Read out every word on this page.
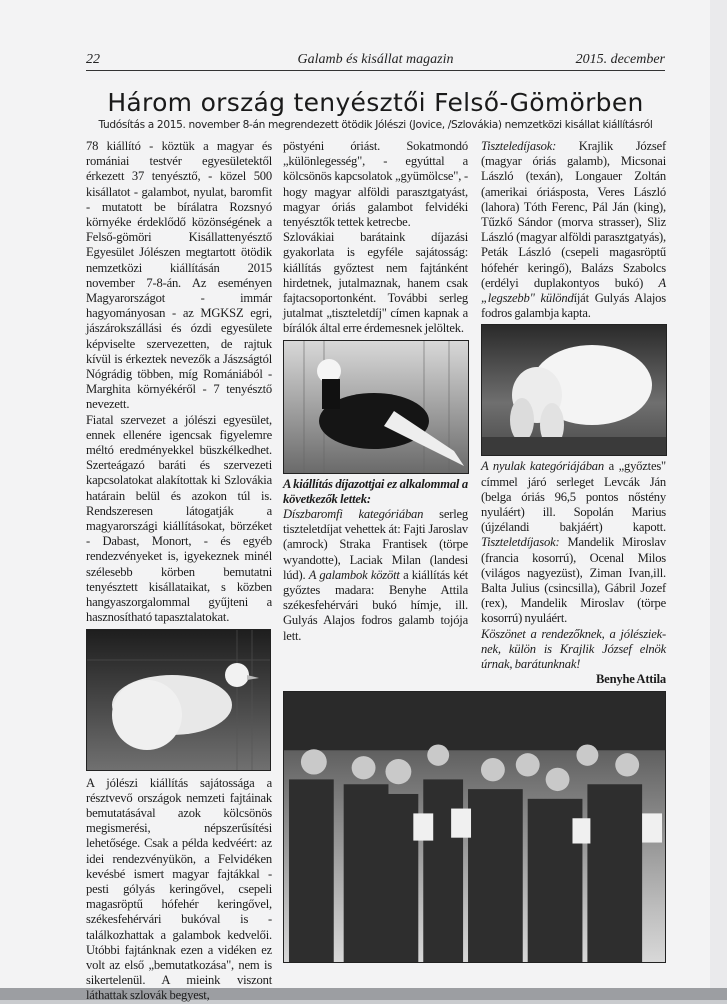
22	Galamb és kisállat magazin	2015. december
Három ország tenyésztői Felső-Gömörben
Tudósítás a 2015. november 8-án megrendezett ötödik Jólészi (Jovice, /Szlovákia) nemzetközi kisállat kiállításról

78 kiállító - köztük a magyar és romániai testvér egyesületektől érkezett 37 tenyésztő, - közel 500 kisállatot - galambot, nyulat, baromfit - mutatott be bírálatra Rozsnyó környéke érdeklődő közönségének a Felső-gömöri Kisállattenyésztő Egyesület Jólészen megtartott ötödik nemzetközi kiállításán 2015 november 7-8-án. Az eseményen Magyarországot - immár hagyományosan - az MGKSZ egri, jászárokszállási és ózdi egyesülete képviselte szervezetten, de rajtuk kívül is érkeztek nevezők a Jászságtól Nógrádig többen, míg Romániából - Marghita környékéről - 7 tenyésztő nevezett.

Fiatal szervezet a jólészi egyesület, ennek ellenére igencsak figyelemre méltó eredményekkel büszkélkedhet. Szerteágazó baráti és szervezeti kapcsolatokat alakítottak ki Szlovákia határain belül és azokon túl is. Rendszeresen látogatják a magyarországi kiállításokat, börzéket - Dabast, Monort, - és egyéb rendezvényeket is, igyekeznek minél szélesebb körben bemutatni tenyésztett kisállataikat, s közben hangyaszorgalommal gyűjteni a hasznosítható tapasztalatokat.

A jólészi kiállítás sajátossága a résztvevő országok nemzeti fajtáinak bemutatásával azok kölcsönös megismerési, népszerűsítési lehetősége. Csak a példa kedvéért: az idei rendezvényükön, a Felvidéken kevésbé ismert magyar fajtákkal - pesti gólyás keringővel, csepeli magasröptű hófehér keringővel, székesfehérvári bukóval is - találkozhattak a galambok kedvelői. Utóbbi fajtánknak ezen a vidéken ez volt az első „bemutatkozása", nem is sikertelenül. A mieink viszont láthattak szlovák begyest,

pöstyéni óriást. Sokatmondó „különlegesség", - egyúttal a kölcsönös kapcsolatok „gyümölcse", - hogy magyar alföldi parasztgatyást, magyar óriás galambot felvidéki tenyésztők tettek ketrecbe.

Szlovákiai barátaink díjazási gyakorlata is egyféle sajátosság: kiállítás győztest nem fajtánként hirdetnek, jutalmaznak, hanem csak fajtacsoportonként. További serleg jutalmat „tiszteletdíj" címen kapnak a bírálók által erre érdemesnek jelöltek.

A kiállítás díjazottjai ez alkalommal a következők lettek:

Díszbaromfi kategóriában serleg tiszteletdíjat vehettek át: Fajti Jaroslav (amrock) Straka Frantisek (törpe wyandotte), Laciak Milan (landesi lúd). A galambok között a kiállítás két győztes madara: Benyhe Attila székesfehérvári bukó hímje, ill. Gulyás Alajos fodros galamb tojója lett.

Tiszteledíjasok: Krajlik József (magyar óriás galamb), Micsonai László (texán), Longauer Zoltán (amerikai óriásposta, Veres László (lahora) Tóth Ferenc, Pál Ján (king), Tűzkő Sándor (morva strasser), Sliz László (magyar alföldi parasztgatyás), Peták László (csepeli magasröptű hófehér keringő), Balázs Szabolcs (erdélyi duplakontyos bukó) A „legszebb" különdíját Gulyás Alajos fodros galambja kapta.

A nyulak kategóriájában a „győztes" címmel járó serleget Levcák Ján (belga óriás 96,5 pontos nőstény nyuláért) ill. Sopolán Marius (újzélandi bakjáért) kapott. Tiszteletdíjasok: Mandelik Miroslav (francia kosorrú), Ocenal Milos (világos nagyezüst), Ziman Ivan,ill. Balta Julius (csincsilla), Gábril Jozef (rex), Mandelik Miroslav (törpe kosorrú) nyuláért.

Köszönet a rendezőknek, a jólésziek-nek, külön is Krajlik József elnök úrnak, barátunknak!

Benyhe Attila
